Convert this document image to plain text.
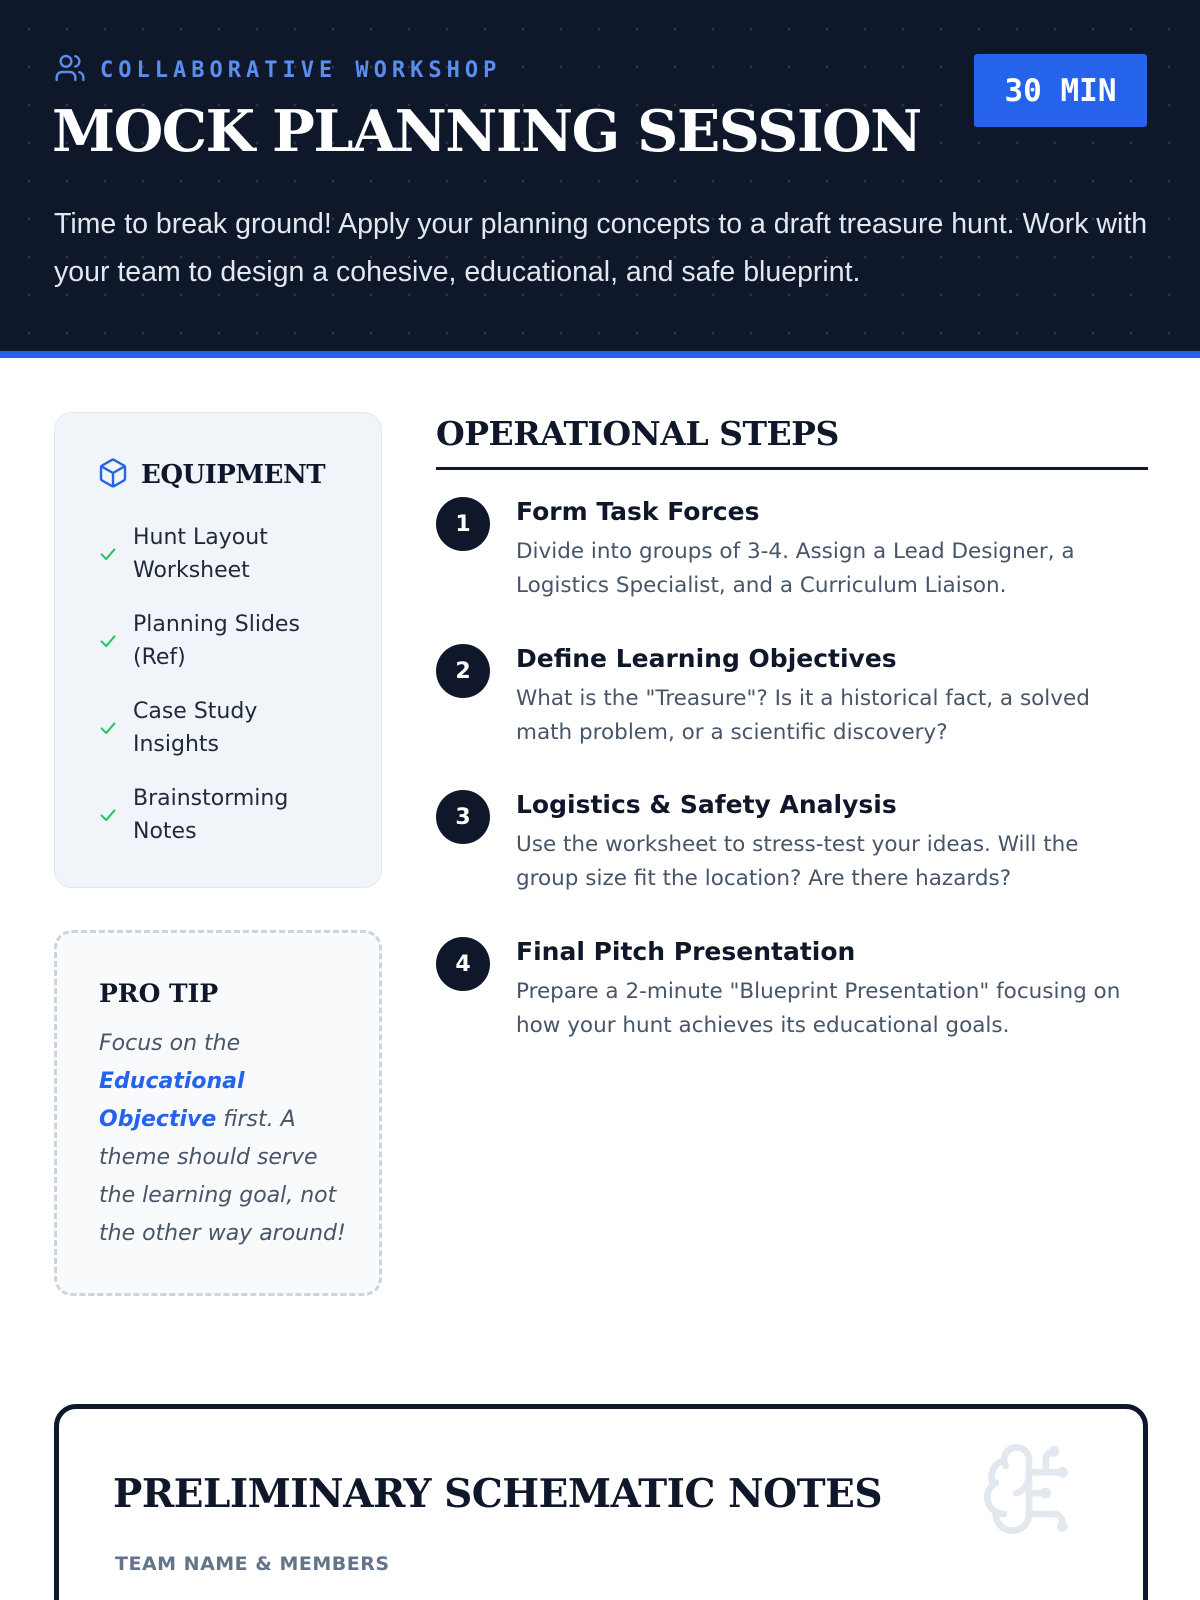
COLLABORATIVE WORKSHOP
MOCK PLANNING SESSION
30 MIN

Time to break ground! Apply your planning concepts to a draft treasure hunt. Work with your team to design a cohesive, educational, and safe blueprint.

EQUIPMENT
Hunt Layout Worksheet
Planning Slides (Ref)
Case Study Insights
Brainstorming Notes
PRO TIP

Focus on the Educational Objective first. A theme should serve the learning goal, not the other way around!

OPERATIONAL STEPS
1	Form Task Forces
Divide into groups of 3-4. Assign a Lead Designer, a Logistics Specialist, and a Curriculum Liaison.
2	Define Learning Objectives
What is the "Treasure"? Is it a historical fact, a solved math problem, or a scientific discovery?
3	Logistics & Safety Analysis
Use the worksheet to stress-test your ideas. Will the group size fit the location? Are there hazards?
4	Final Pitch Presentation
Prepare a 2-minute "Blueprint Presentation" focusing on how your hunt achieves its educational goals.
PRELIMINARY SCHEMATIC NOTES
TEAM NAME & MEMBERS
